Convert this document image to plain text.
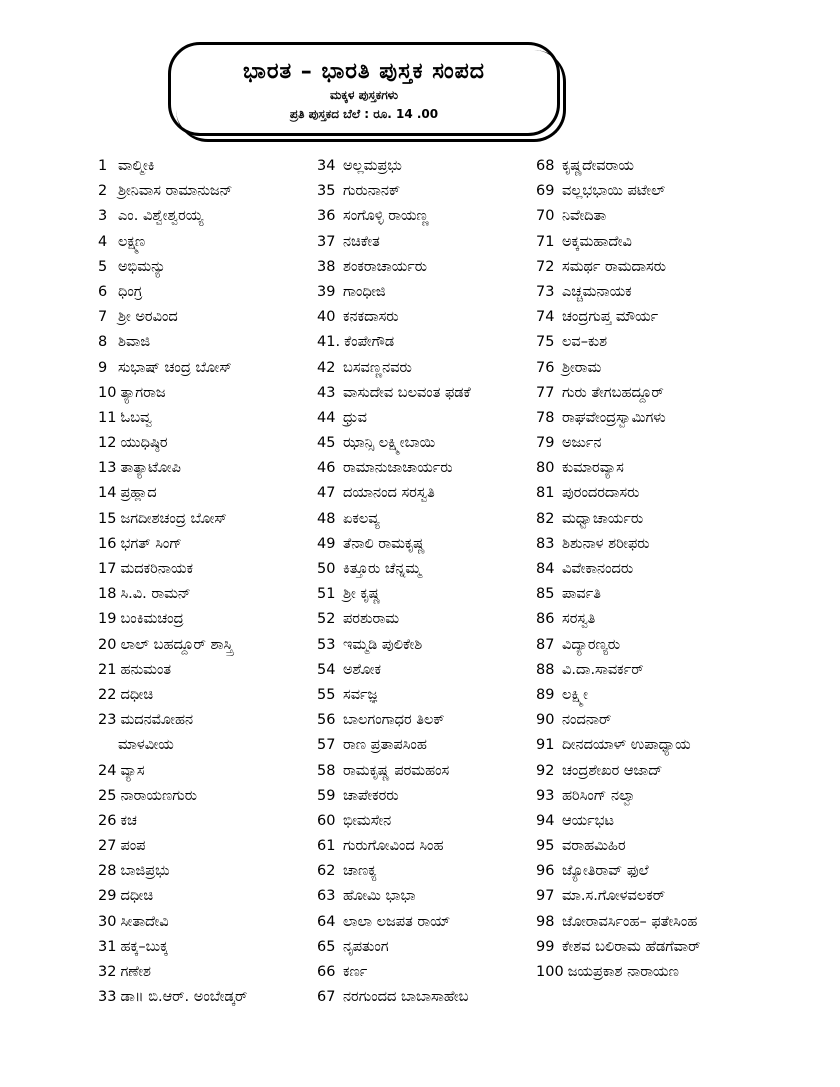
ಭಾರತ – ಭಾರತಿ ಪುಸ್ತಕ ಸಂಪದ
ಮಕ್ಕಳ ಪುಸ್ತಕಗಳು
ಪ್ರತಿ ಪುಸ್ತಕದ ಬೆಲೆ : ರೂ. 14 .00
1 ವಾಲ್ಮೀಕಿ
2 ಶ್ರೀನಿವಾಸ ರಾಮಾನುಜನ್
3 ಎಂ. ವಿಶ್ವೇಶ್ವರಯ್ಯ
4 ಲಕ್ಷ್ಮಣ
5 ಅಭಿಮನ್ಯು
6 ಧಿಂಗ್ರ
7 ಶ್ರೀ ಅರವಿಂದ
8 ಶಿವಾಜಿ
9 ಸುಭಾಷ್ ಚಂದ್ರ ಬೋಸ್
10 ತ್ಯಾಗರಾಜ
11 ಓಬವ್ವ
12 ಯುಧಿಷ್ಠಿರ
13 ತಾತ್ಯಾಟೋಪಿ
14 ಪ್ರಹ್ಲಾದ
15 ಜಗದೀಶಚಂದ್ರ ಬೋಸ್
16 ಭಗತ್ ಸಿಂಗ್
17 ಮದಕರಿನಾಯಕ
18 ಸಿ.ವಿ. ರಾಮನ್
19 ಬಂಕಿಮಚಂದ್ರ
20 ಲಾಲ್ ಬಹದ್ದೂರ್ ಶಾಸ್ತ್ರಿ
21 ಹನುಮಂತ
22 ದಧೀಚಿ
23 ಮದನಮೋಹನ
ಮಾಳವೀಯ
24 ವ್ಯಾಸ
25 ನಾರಾಯಣಗುರು
26 ಕಚ
27 ಪಂಪ
28 ಬಾಜಿಪ್ರಭು
29 ದಧೀಚಿ
30 ಸೀತಾದೇವಿ
31 ಹಕ್ಕ–ಬುಕ್ಕ
32 ಗಣೇಶ
33 ಡಾ॥ ಬಿ.ಆರ್. ಅಂಬೇಡ್ಕರ್
34 ಅಲ್ಲಮಪ್ರಭು
35 ಗುರುನಾನಕ್
36 ಸಂಗೊಳ್ಳಿ ರಾಯಣ್ಣ
37 ನಚಿಕೇತ
38 ಶಂಕರಾಚಾರ್ಯರು
39 ಗಾಂಧೀಜಿ
40 ಕನಕದಾಸರು
41. ಕೆಂಪೇಗೌಡ
42 ಬಸವಣ್ಣನವರು
43 ವಾಸುದೇವ ಬಲವಂತ ಫಡಕೆ
44 ಧ್ರುವ
45 ಝಾನ್ಸಿ ಲಕ್ಷ್ಮೀಬಾಯಿ
46 ರಾಮಾನುಜಾಚಾರ್ಯರು
47 ದಯಾನಂದ ಸರಸ್ವತಿ
48 ಏಕಲವ್ಯ
49 ತೆನಾಲಿ ರಾಮಕೃಷ್ಣ
50 ಕಿತ್ತೂರು ಚೆನ್ನಮ್ಮ
51 ಶ್ರೀ ಕೃಷ್ಣ
52 ಪರಶುರಾಮ
53 ಇಮ್ಮಡಿ ಪುಲಿಕೇಶಿ
54 ಅಶೋಕ
55 ಸರ್ವಜ್ಞ
56 ಬಾಲಗಂಗಾಧರ ತಿಲಕ್
57 ರಾಣ ಪ್ರತಾಪಸಿಂಹ
58 ರಾಮಕೃಷ್ಣ ಪರಮಹಂಸ
59 ಚಾಪೇಕರರು
60 ಭೀಮಸೇನ
61 ಗುರುಗೋವಿಂದ ಸಿಂಹ
62 ಚಾಣಕ್ಯ
63 ಹೋಮಿ ಭಾಭಾ
64 ಲಾಲಾ ಲಜಪತ ರಾಯ್
65 ನೃಪತುಂಗ
66 ಕರ್ಣ
67 ನರಗುಂದದ ಬಾಬಾಸಾಹೇಬ
68 ಕೃಷ್ಣದೇವರಾಯ
69 ವಲ್ಲಭಭಾಯಿ ಪಟೇಲ್
70 ನಿವೇದಿತಾ
71 ಅಕ್ಕಮಹಾದೇವಿ
72 ಸಮರ್ಥ ರಾಮದಾಸರು
73 ಎಚ್ಚಮನಾಯಕ
74 ಚಂದ್ರಗುಪ್ತ ಮೌರ್ಯ
75 ಲವ–ಕುಶ
76 ಶ್ರೀರಾಮ
77 ಗುರು ತೇಗಬಹದ್ದೂರ್
78 ರಾಘವೇಂದ್ರಸ್ವಾಮಿಗಳು
79 ಅರ್ಜುನ
80 ಕುಮಾರವ್ಯಾಸ
81 ಪುರಂದರದಾಸರು
82 ಮಧ್ವಾಚಾರ್ಯರು
83 ಶಿಶುನಾಳ ಶರೀಫರು
84 ವಿವೇಕಾನಂದರು
85 ಪಾರ್ವತಿ
86 ಸರಸ್ವತಿ
87 ವಿದ್ಯಾರಣ್ಯರು
88 ವಿ.ದಾ.ಸಾವರ್ಕರ್
89 ಲಕ್ಷ್ಮೀ
90 ನಂದನಾರ್
91 ದೀನದಯಾಳ್ ಉಪಾಧ್ಯಾಯ
92 ಚಂದ್ರಶೇಖರ ಆಜಾದ್
93 ಹರಿಸಿಂಗ್ ನಲ್ವಾ
94 ಆರ್ಯಭಟ
95 ವರಾಹಮಿಹಿರ
96 ಜ್ಯೋತಿರಾವ್ ಫುಲೆ
97 ಮಾ.ಸ.ಗೋಳವಲಕರ್
98 ಜೋರಾವರ್ಸಿಂಹ– ಫತೇಸಿಂಹ
99 ಕೇಶವ ಬಲಿರಾಮ ಹೆಡಗೆವಾರ್
100 ಜಯಪ್ರಕಾಶ ನಾರಾಯಣ
